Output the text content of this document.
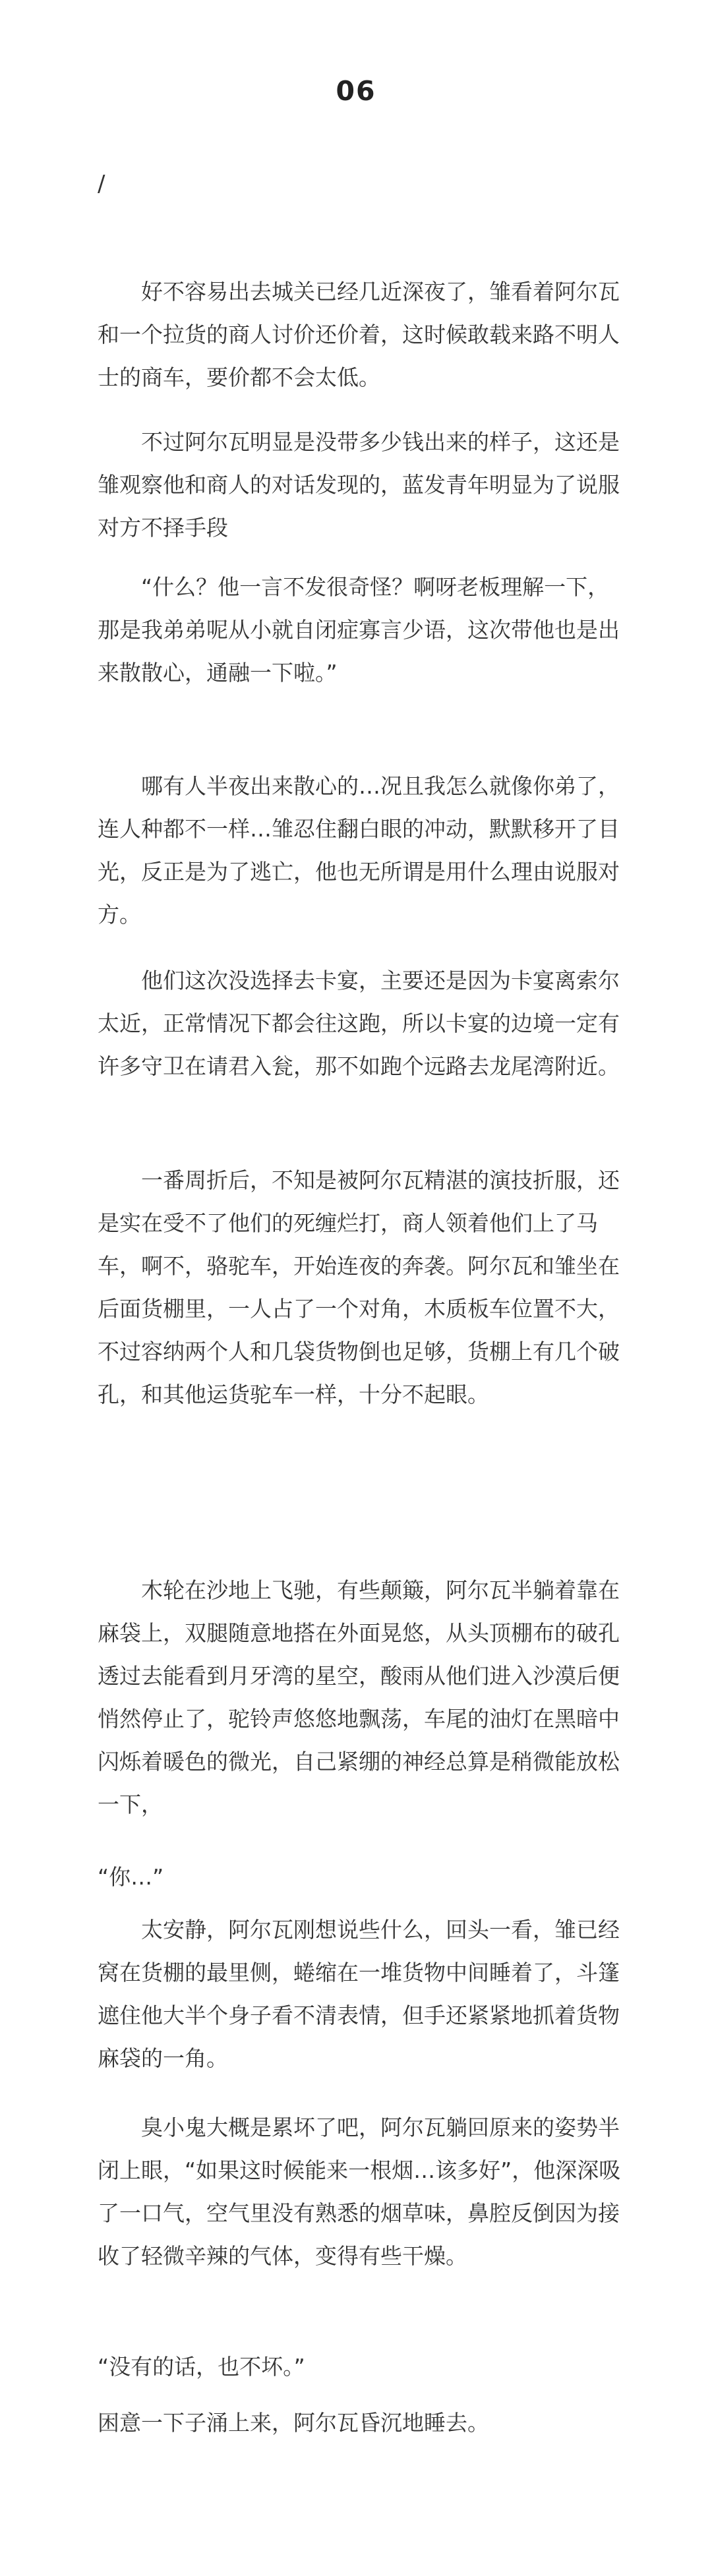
06
/
好不容易出去城关已经几近深夜了，雏看着阿尔瓦
和一个拉货的商人讨价还价着，这时候敢载来路不明人
士的商车，要价都不会太低。
不过阿尔瓦明显是没带多少钱出来的样子，这还是
雏观察他和商人的对话发现的，蓝发青年明显为了说服
对方不择手段
“什么？他一言不发很奇怪？啊呀老板理解一下，
那是我弟弟呢从小就自闭症寡言少语，这次带他也是出
来散散心，通融一下啦。”
哪有人半夜出来散心的…况且我怎么就像你弟了，
连人种都不一样…雏忍住翻白眼的冲动，默默移开了目
光，反正是为了逃亡，他也无所谓是用什么理由说服对
方。
他们这次没选择去卡宴，主要还是因为卡宴离索尔
太近，正常情况下都会往这跑，所以卡宴的边境一定有
许多守卫在请君入瓮，那不如跑个远路去龙尾湾附近。
一番周折后，不知是被阿尔瓦精湛的演技折服，还
是实在受不了他们的死缠烂打，商人领着他们上了马
车，啊不，骆驼车，开始连夜的奔袭。阿尔瓦和雏坐在
后面货棚里，一人占了一个对角，木质板车位置不大，
不过容纳两个人和几袋货物倒也足够，货棚上有几个破
孔，和其他运货驼车一样，十分不起眼。
木轮在沙地上飞驰，有些颠簸，阿尔瓦半躺着靠在
麻袋上，双腿随意地搭在外面晃悠，从头顶棚布的破孔
透过去能看到月牙湾的星空，酸雨从他们进入沙漠后便
悄然停止了，驼铃声悠悠地飘荡，车尾的油灯在黑暗中
闪烁着暖色的微光，自己紧绷的神经总算是稍微能放松
一下，
“你…”
太安静，阿尔瓦刚想说些什么，回头一看，雏已经
窝在货棚的最里侧，蜷缩在一堆货物中间睡着了，斗篷
遮住他大半个身子看不清表情，但手还紧紧地抓着货物
麻袋的一角。
臭小鬼大概是累坏了吧，阿尔瓦躺回原来的姿势半
闭上眼，“如果这时候能来一根烟…该多好”，他深深吸
了一口气，空气里没有熟悉的烟草味，鼻腔反倒因为接
收了轻微辛辣的气体，变得有些干燥。
“没有的话，也不坏。”
困意一下子涌上来，阿尔瓦昏沉地睡去。
